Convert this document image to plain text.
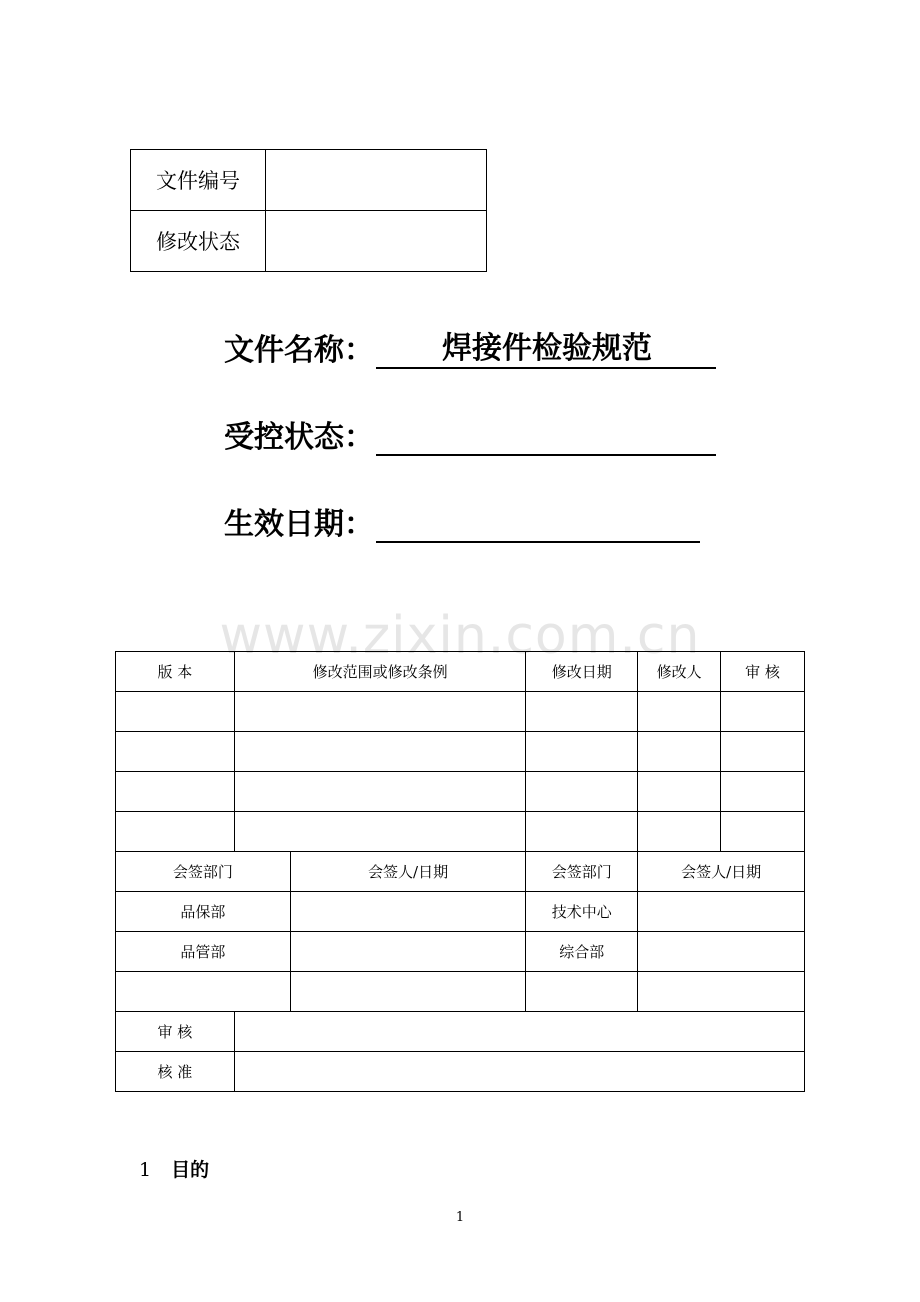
文件编号	
修改状态	
文件名称： 焊接件检验规范
受控状态：
生效日期：
www.zixin.com.cn
版 本	修改范围或修改条例		修改日期	修改人	审 核

会签部门		会签人/日期	会签部门	会签人/日期	
品保部			技术中心		
品管部			综合部		

审 核					
核 准					
1 目的
1
